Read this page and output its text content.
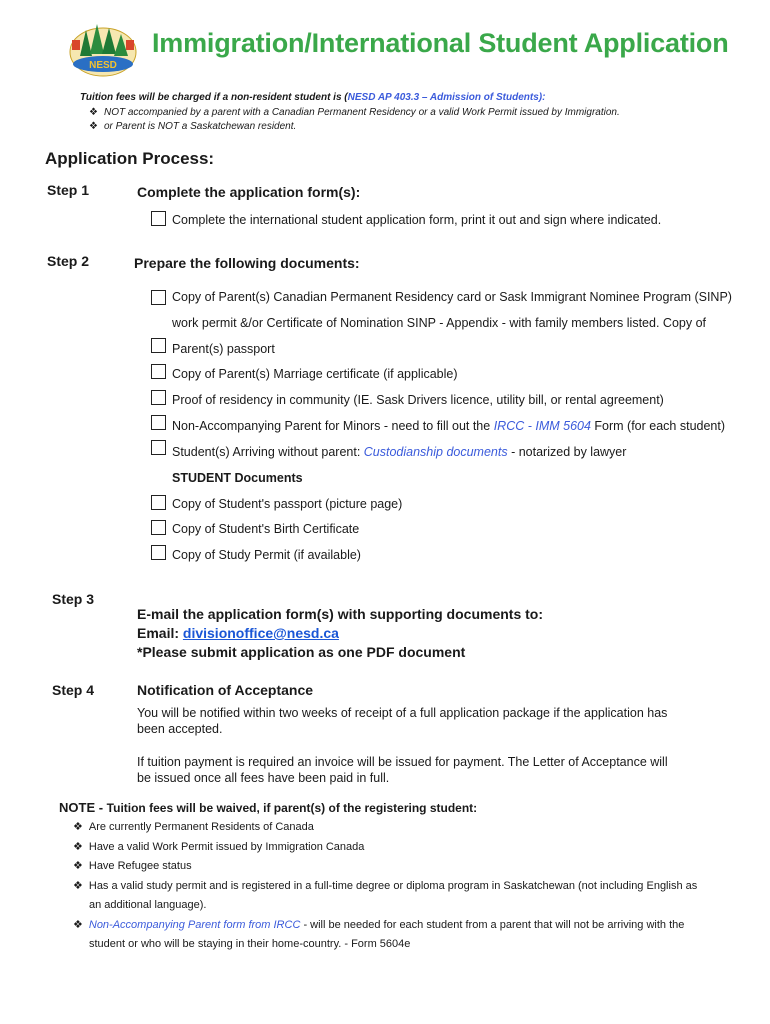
NESD
Immigration/International Student Application
Tuition fees will be charged if a non-resident student is (NESD AP 403.3 – Admission of Students):
❖ NOT accompanied by a parent with a Canadian Permanent Residency or a valid Work Permit issued by Immigration.
❖ or Parent is NOT a Saskatchewan resident.
Application Process:
Step 1	Complete the application form(s):
Complete the international student application form, print it out and sign where indicated.
Step 2	Prepare the following documents:
Copy of Parent(s) Canadian Permanent Residency card or Sask Immigrant Nominee Program (SINP)
work permit &/or Certificate of Nomination SINP - Appendix - with family members listed. Copy of
Parent(s) passport
Copy of Parent(s) Marriage certificate (if applicable)
Proof of residency in community (IE. Sask Drivers licence, utility bill, or rental agreement)
Non-Accompanying Parent for Minors - need to fill out the IRCC - IMM 5604 Form (for each student)
Student(s) Arriving without parent: Custodianship documents - notarized by lawyer
STUDENT Documents
Copy of Student's passport (picture page)
Copy of Student's Birth Certificate
Copy of Study Permit (if available)
Step 3
E-mail the application form(s) with supporting documents to:
Email: divisionoffice@nesd.ca
*Please submit application as one PDF document
Step 4	Notification of Acceptance
You will be notified within two weeks of receipt of a full application package if the application has been accepted.
If tuition payment is required an invoice will be issued for payment. The Letter of Acceptance will be issued once all fees have been paid in full.
NOTE - Tuition fees will be waived, if parent(s) of the registering student:
❖ Are currently Permanent Residents of Canada
❖ Have a valid Work Permit issued by Immigration Canada
❖ Have Refugee status
❖ Has a valid study permit and is registered in a full-time degree or diploma program in Saskatchewan (not including English as
an additional language).
❖ Non-Accompanying Parent form from IRCC - will be needed for each student from a parent that will not be arriving with the
student or who will be staying in their home-country. - Form 5604e
